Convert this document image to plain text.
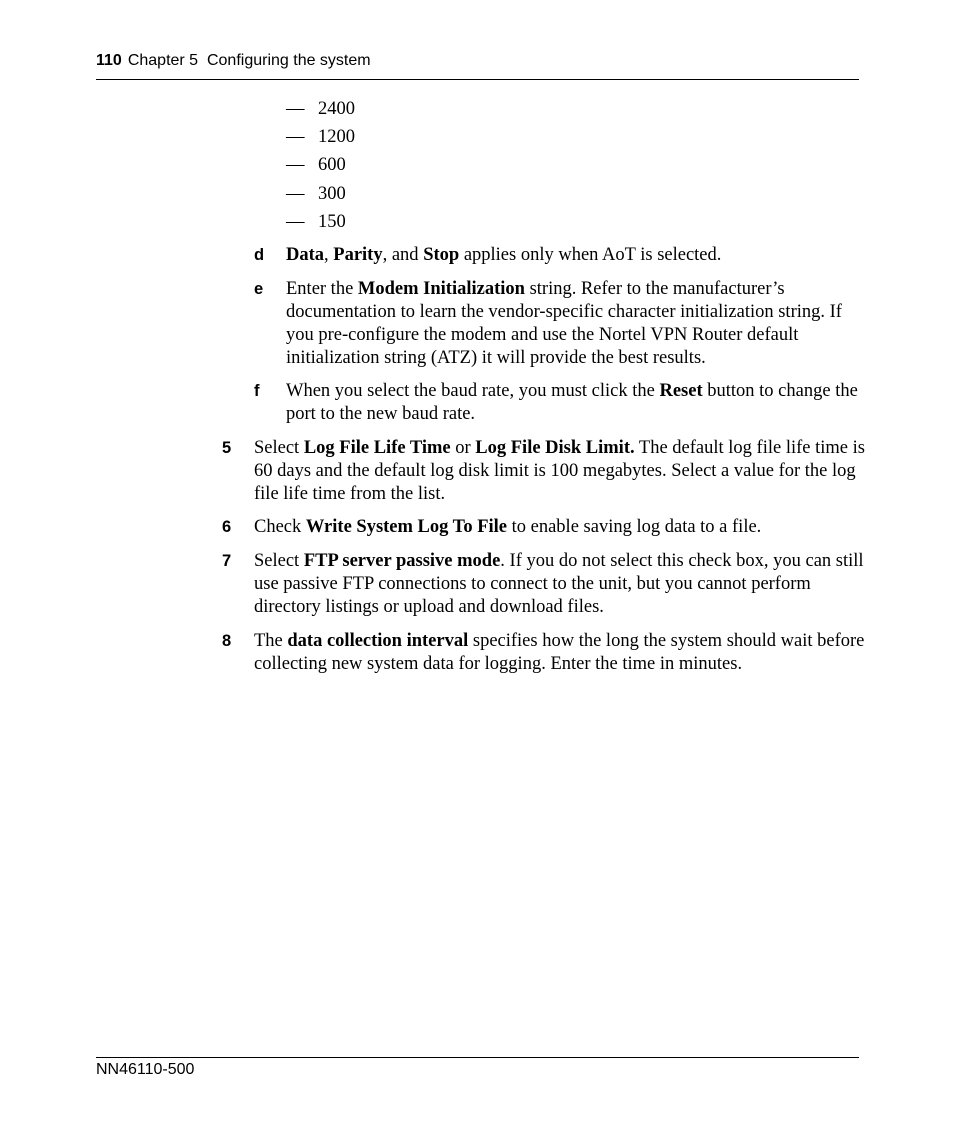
110 Chapter 5  Configuring the system
— 2400
— 1200
— 600
— 300
— 150
d Data, Parity, and Stop applies only when AoT is selected.
e Enter the Modem Initialization string. Refer to the manufacturer’s documentation to learn the vendor-specific character initialization string. If you pre-configure the modem and use the Nortel VPN Router default initialization string (ATZ) it will provide the best results.
f When you select the baud rate, you must click the Reset button to change the port to the new baud rate.
5 Select Log File Life Time or Log File Disk Limit. The default log file life time is 60 days and the default log disk limit is 100 megabytes. Select a value for the log file life time from the list.
6 Check Write System Log To File to enable saving log data to a file.
7 Select FTP server passive mode. If you do not select this check box, you can still use passive FTP connections to connect to the unit, but you cannot perform directory listings or upload and download files.
8 The data collection interval specifies how the long the system should wait before collecting new system data for logging. Enter the time in minutes.
NN46110-500
